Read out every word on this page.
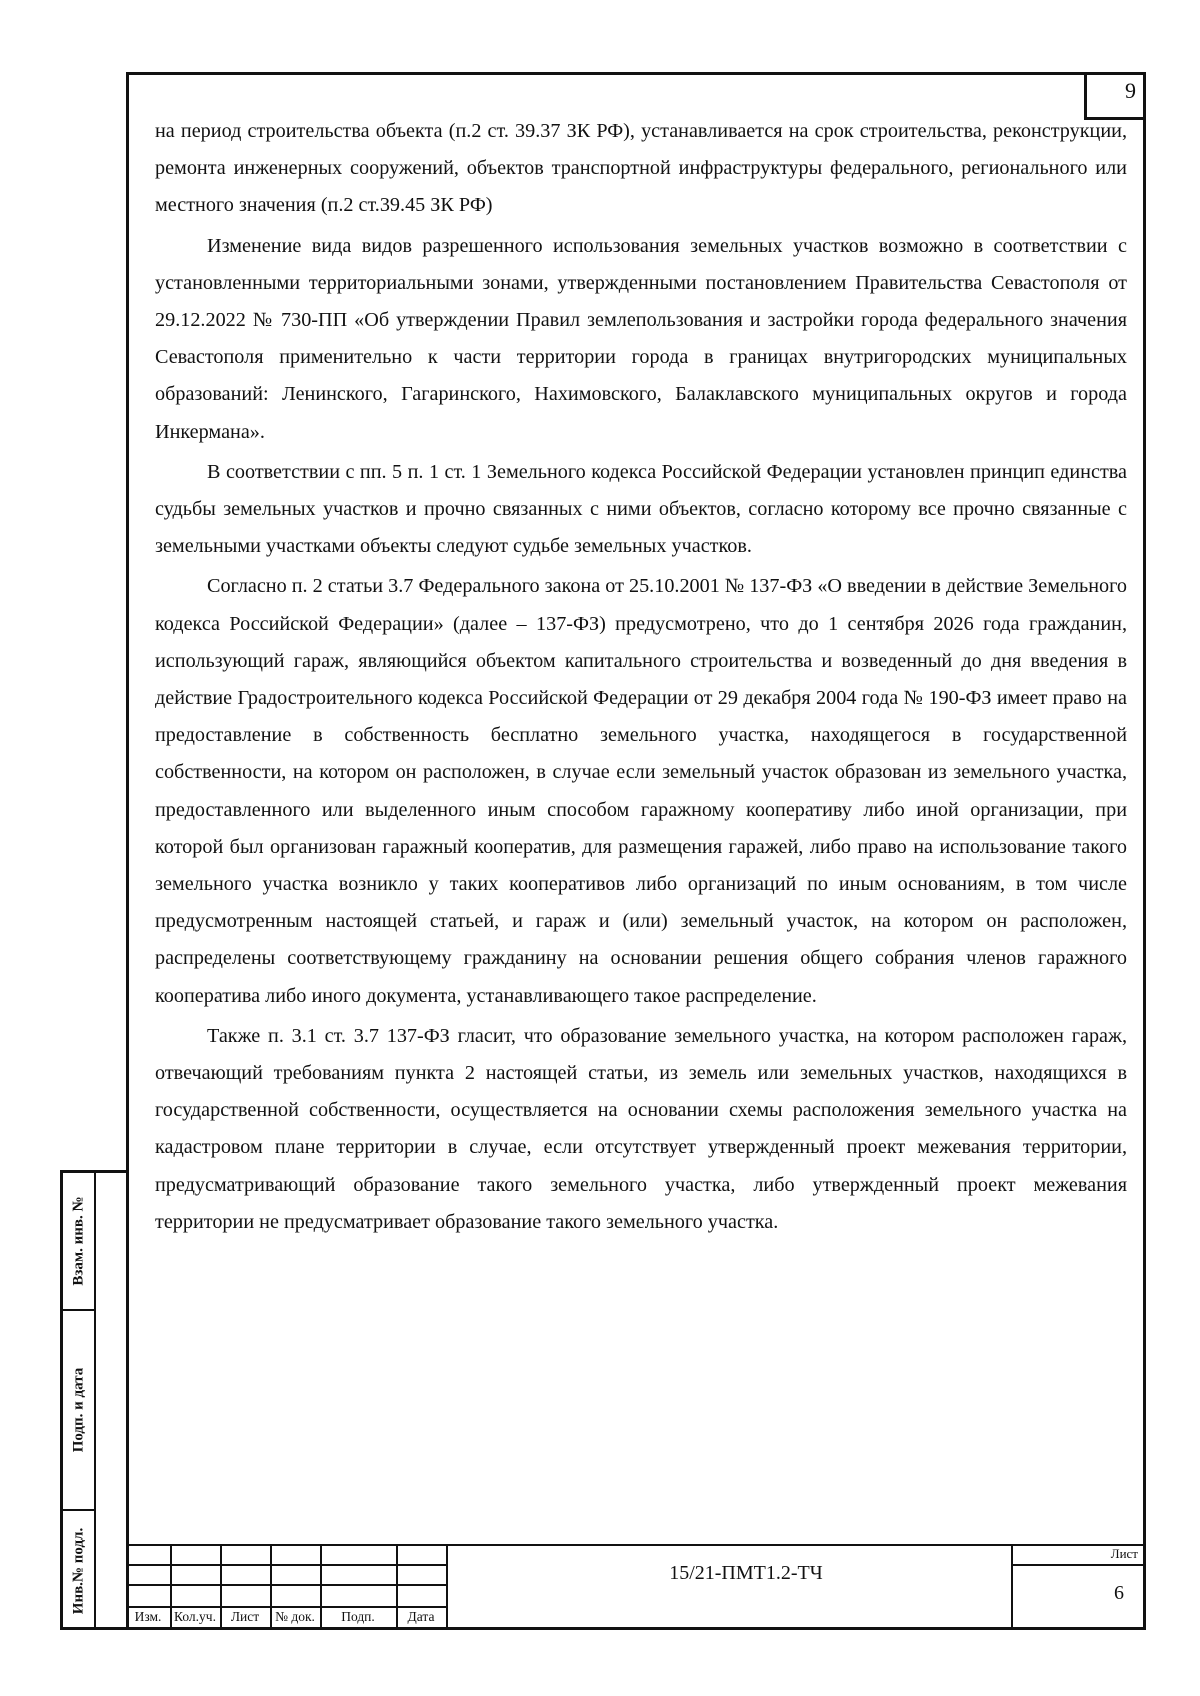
9

на период строительства объекта (п.2 ст. 39.37 ЗК РФ), устанавливается на срок строительства, реконструкции, ремонта инженерных сооружений, объектов транспортной инфраструктуры федерального, регионального или местного значения (п.2 ст.39.45 ЗК РФ)

Изменение вида видов разрешенного использования земельных участков возможно в соответствии с установленными территориальными зонами, утвержденными постановлением Правительства Севастополя от 29.12.2022 № 730-ПП «Об утверждении Правил землепользования и застройки города федерального значения Севастополя применительно к части территории города в границах внутригородских муниципальных образований: Ленинского, Гагаринского, Нахимовского, Балаклавского муниципальных округов и города Инкермана».

В соответствии с пп. 5 п. 1 ст. 1 Земельного кодекса Российской Федерации установлен принцип единства судьбы земельных участков и прочно связанных с ними объектов, согласно которому все прочно связанные с земельными участками объекты следуют судьбе земельных участков.

Согласно п. 2 статьи 3.7 Федерального закона от 25.10.2001 № 137-ФЗ «О введении в действие Земельного кодекса Российской Федерации» (далее – 137-ФЗ) предусмотрено, что до 1 сентября 2026 года гражданин, использующий гараж, являющийся объектом капитального строительства и возведенный до дня введения в действие Градостроительного кодекса Российской Федерации от 29 декабря 2004 года № 190-ФЗ имеет право на предоставление в собственность бесплатно земельного участка, находящегося в государственной собственности, на котором он расположен, в случае если земельный участок образован из земельного участка, предоставленного или выделенного иным способом гаражному кооперативу либо иной организации, при которой был организован гаражный кооператив, для размещения гаражей, либо право на использование такого земельного участка возникло у таких кооперативов либо организаций по иным основаниям, в том числе предусмотренным настоящей статьей, и гараж и (или) земельный участок, на котором он расположен, распределены соответствующему гражданину на основании решения общего собрания членов гаражного кооператива либо иного документа, устанавливающего такое распределение.

Также п. 3.1 ст. 3.7 137-ФЗ гласит, что образование земельного участка, на котором расположен гараж, отвечающий требованиям пункта 2 настоящей статьи, из земель или земельных участков, находящихся в государственной собственности, осуществляется на основании схемы расположения земельного участка на кадастровом плане территории в случае, если отсутствует утвержденный проект межевания территории, предусматривающий образование такого земельного участка, либо утвержденный проект межевания территории не предусматривает образование такого земельного участка.

Взам. инв. №
Подп. и дата
Инв.№ подл.
Изм. Кол.уч.	Лист	№ док.	Подп.	Дата
15/21-ПМТ1.2-ТЧ
Лист
6
